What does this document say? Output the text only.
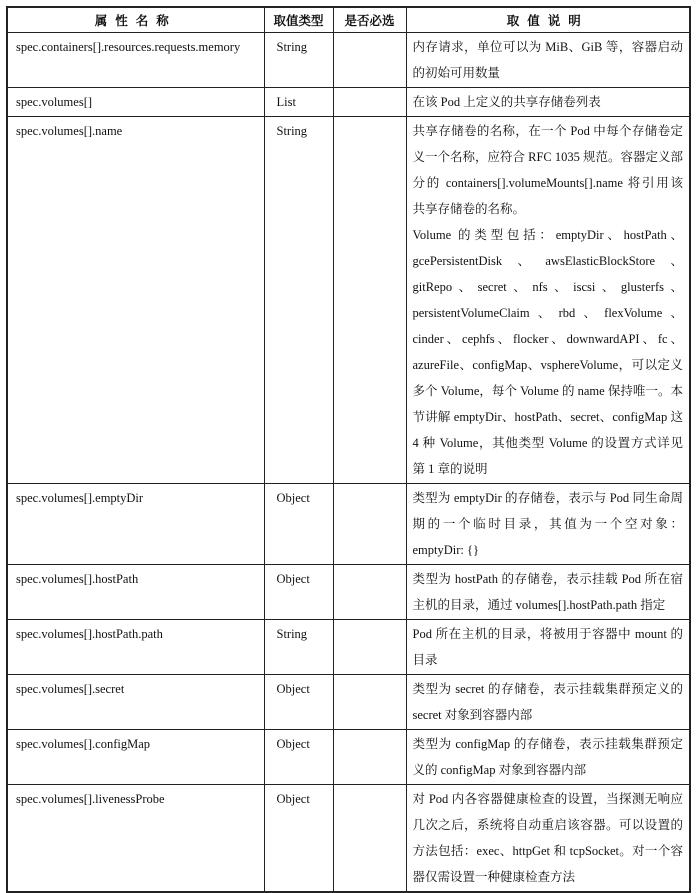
属性名称	取值类型	是否必选	取值说明
spec.containers[].resources.requests.memory	String		内存请求，单位可以为 MiB、GiB 等，容器启动的初始可用数量

spec.volumes[]	List		在该 Pod 上定义的共享存储卷列表

spec.volumes[].name	String		共享存储卷的名称，在一个 Pod 中每个存储卷定义一个名称，应符合 RFC 1035 规范。容器定义部分的 containers[].volumeMounts[].name 将引用该共享存储卷的名称。
Volume 的类型包括：emptyDir、hostPath、gcePersistentDisk、awsElasticBlockStore、gitRepo、secret、nfs、iscsi、glusterfs、persistentVolumeClaim、rbd、flexVolume、cinder、cephfs、flocker、downwardAPI、fc、azureFile、configMap、vsphereVolume，可以定义多个 Volume，每个 Volume 的 name 保持唯一。本节讲解 emptyDir、hostPath、secret、configMap 这 4 种 Volume，其他类型 Volume 的设置方式详见第 1 章的说明

spec.volumes[].emptyDir	Object		类型为 emptyDir 的存储卷，表示与 Pod 同生命周期的一个临时目录，其值为一个空对象：emptyDir: {}

spec.volumes[].hostPath	Object		类型为 hostPath 的存储卷，表示挂载 Pod 所在宿主机的目录，通过 volumes[].hostPath.path 指定

spec.volumes[].hostPath.path	String		Pod 所在主机的目录，将被用于容器中 mount 的目录

spec.volumes[].secret	Object		类型为 secret 的存储卷，表示挂载集群预定义的 secret 对象到容器内部

spec.volumes[].configMap	Object		类型为 configMap 的存储卷，表示挂载集群预定义的 configMap 对象到容器内部

spec.volumes[].livenessProbe	Object		对 Pod 内各容器健康检查的设置，当探测无响应几次之后，系统将自动重启该容器。可以设置的方法包括：exec、httpGet 和 tcpSocket。对一个容器仅需设置一种健康检查方法
